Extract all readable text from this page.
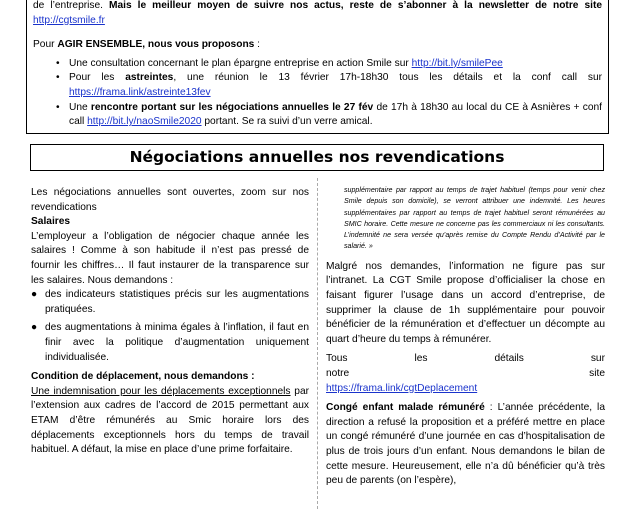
de l’entreprise. Mais le meilleur moyen de suivre nos actus, reste de s’abonner à la newsletter de notre site http://cgtsmile.fr

Pour AGIR ENSEMBLE, nous vous proposons :

• Une consultation concernant le plan épargne entreprise en action Smile sur http://bit.ly/smilePee
• Pour les astreintes, une réunion le 13 février 17h-18h30 tous les détails et la conf call sur https://frama.link/astreinte13fev
• Une rencontre portant sur les négociations annuelles le 27 fév de 17h à 18h30 au local du CE à Asnières + conf call http://bit.ly/naoSmile2020 portant. Se ra suivi d’un verre amical.
Négociations annuelles nos revendications

Les négociations annuelles sont ouvertes, zoom sur nos revendications

Salaires

L’employeur a l’obligation de négocier chaque année les salaires ! Comme à son habitude il n’est pas pressé de fournir les chiffres… Il faut instaurer de la transparence sur les salaires. Nous demandons :

● des indicateurs statistiques précis sur les augmentations pratiquées.
● des augmentations à minima égales à l’inflation, il faut en finir avec la politique d’augmentation uniquement individualisée.

Condition de déplacement, nous demandons :

Une indemnisation pour les déplacements exceptionnels par l’extension aux cadres de l’accord de 2015 permettant aux ETAM d’être rémunérés au Smic horaire lors des déplacements exceptionnels hors du temps de travail habituel. A défaut, la mise en place d’une prime forfaitaire.

supplémentaire par rapport au temps de trajet habituel (temps pour venir chez Smile depuis son domicile), se verront attribuer une indemnité. Les heures supplémentaires par rapport au temps de trajet habituel seront rémunérées au SMIC horaire. Cette mesure ne concerne pas les commerciaux ni les consultants. L’indemnité ne sera versée qu’après remise du Compte Rendu d’Activité par le salarié. »

Malgré nos demandes, l’information ne figure pas sur l’intranet. La CGT Smile propose d’officialiser la chose en faisant figurer l’usage dans un accord d’entreprise, de supprimer la clause de 1h supplémentaire pour pouvoir bénéficier de la rémunération et d’effectuer un décompte au quart d’heure du temps à rémunérer.

Tous les détails sur notre site

https://frama.link/cgtDeplacement

Congé enfant malade rémunéré : L’année précédente, la direction a refusé la proposition et a préféré mettre en place un congé rémunéré d’une journée en cas d’hospitalisation de plus de trois jours d’un enfant. Nous demandons le bilan de cette mesure. Heureusement, elle n’a dû bénéficier qu’à très peu de parents (on l’espère),
